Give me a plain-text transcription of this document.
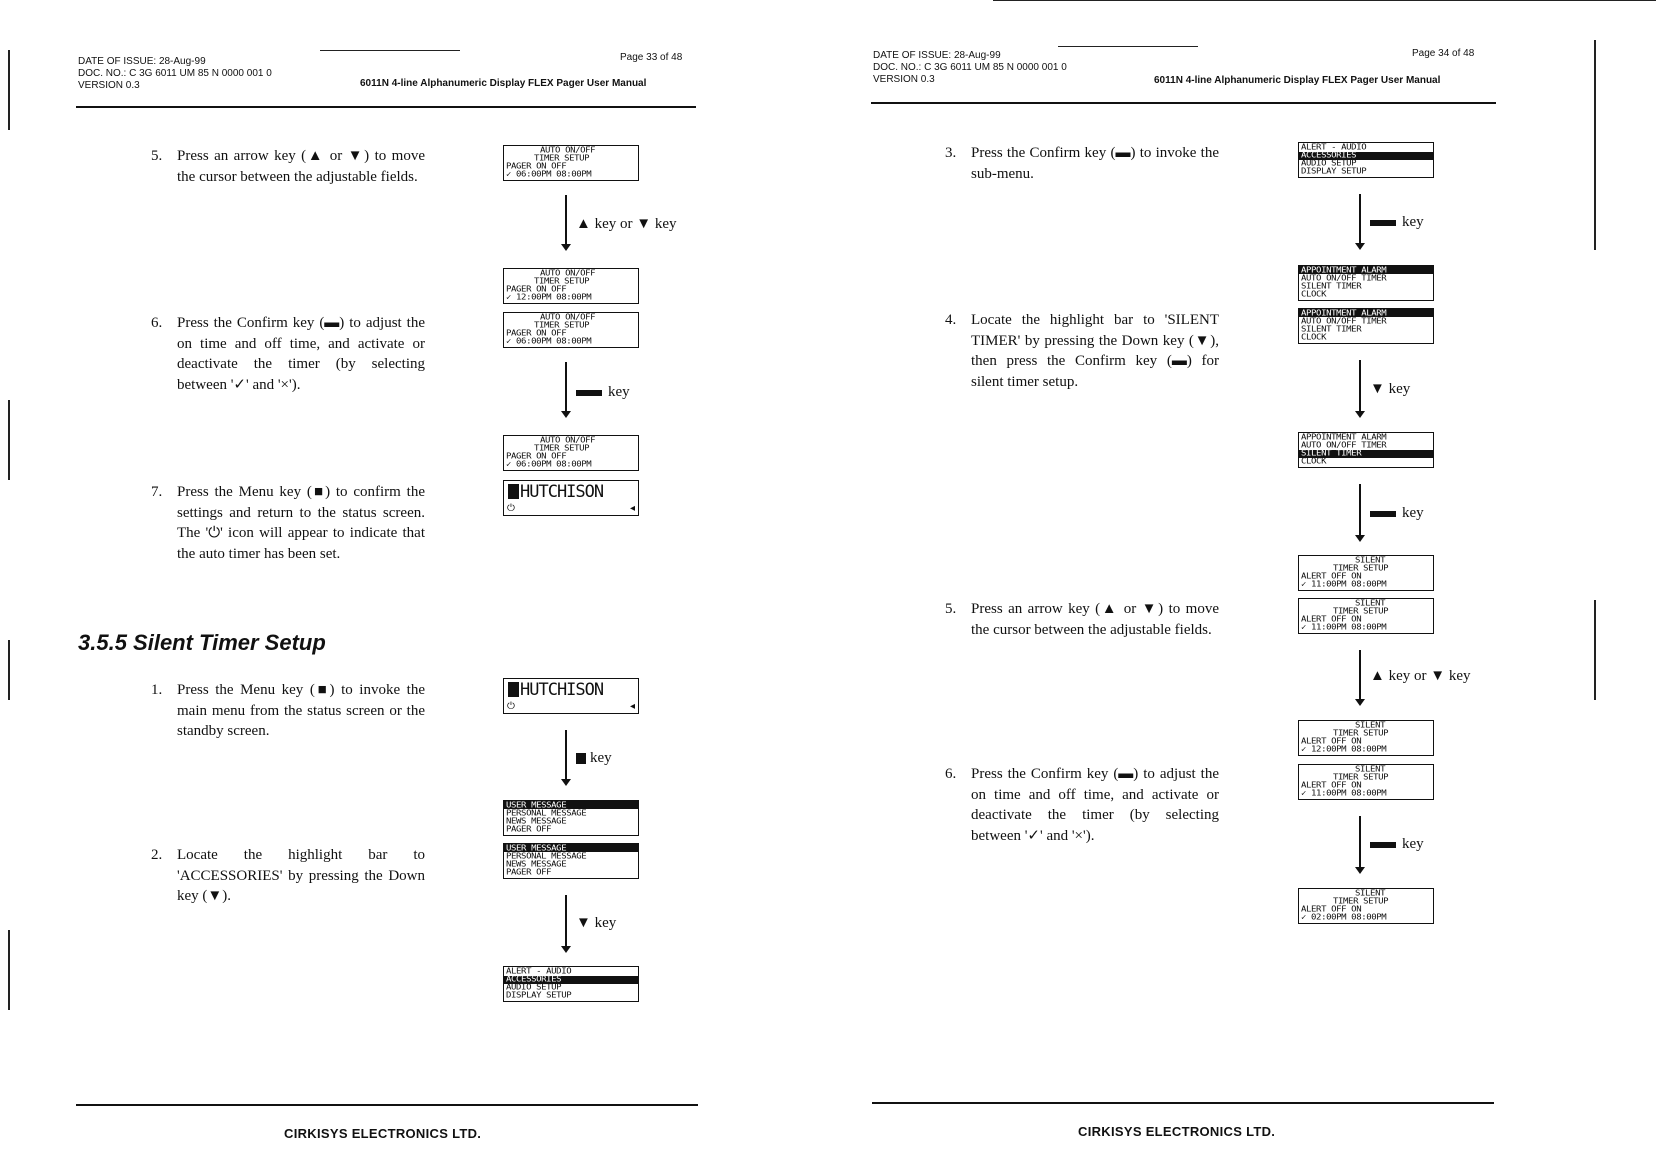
DATE OF ISSUE: 28-Aug-99
DOC. NO.: C 3G 6011 UM 85 N 0000 001 0
VERSION 0.3
Page 33 of 48
6011N 4-line Alphanumeric Display FLEX Pager User Manual
5. Press an arrow key (▲ or ▼) to move the cursor between the adjustable fields.
6. Press the Confirm key (▬) to adjust the on time and off time, and activate or deactivate the timer (by selecting between '✓' and '×').
7. Press the Menu key (■) to confirm the settings and return to the status screen. The '⏻' icon will appear to indicate that the auto timer has been set.
3.5.5 Silent Timer Setup
1. Press the Menu key (■) to invoke the main menu from the status screen or the standby screen.
2. Locate the highlight bar to 'ACCESSORIES' by pressing the Down key (▼).
AUTO ON/OFF
TIMER SETUP
PAGER ON OFF
✓ 06:00PM 08:00PM
▲ key or ▼ key
AUTO ON/OFF
TIMER SETUP
PAGER ON OFF
✓ 12:00PM 08:00PM
AUTO ON/OFF
TIMER SETUP
PAGER ON OFF
✓ 06:00PM 08:00PM
key
AUTO ON/OFF
TIMER SETUP
PAGER ON OFF
✓ 06:00PM 08:00PM
HUTCHISON
⏻	◂
HUTCHISON
⏻	◂
key
USER MESSAGE
PERSONAL MESSAGE
NEWS MESSAGE
PAGER OFF
USER MESSAGE
PERSONAL MESSAGE
NEWS MESSAGE
PAGER OFF
▼ key
ALERT - AUDIO
ACCESSORIES
AUDIO SETUP
DISPLAY SETUP
CIRKISYS ELECTRONICS LTD.
DATE OF ISSUE: 28-Aug-99
DOC. NO.: C 3G 6011 UM 85 N 0000 001 0
VERSION 0.3
Page 34 of 48
6011N 4-line Alphanumeric Display FLEX Pager User Manual
3. Press the Confirm key (▬) to invoke the sub-menu.
4. Locate the highlight bar to 'SILENT TIMER' by pressing the Down key (▼), then press the Confirm key (▬) for silent timer setup.
5. Press an arrow key (▲ or ▼) to move the cursor between the adjustable fields.
6. Press the Confirm key (▬) to adjust the on time and off time, and activate or deactivate the timer (by selecting between '✓' and '×').
ALERT - AUDIO
ACCESSORIES
AUDIO SETUP
DISPLAY SETUP
key
APPOINTMENT ALARM
AUTO ON/OFF TIMER
SILENT TIMER
CLOCK
APPOINTMENT ALARM
AUTO ON/OFF TIMER
SILENT TIMER
CLOCK
▼ key
APPOINTMENT ALARM
AUTO ON/OFF TIMER
SILENT TIMER
CLOCK
key
SILENT
TIMER SETUP
ALERT OFF ON
✓ 11:00PM 08:00PM
SILENT
TIMER SETUP
ALERT OFF ON
✓ 11:00PM 08:00PM
▲ key or ▼ key
SILENT
TIMER SETUP
ALERT OFF ON
✓ 12:00PM 08:00PM
SILENT
TIMER SETUP
ALERT OFF ON
✓ 11:00PM 08:00PM
key
SILENT
TIMER SETUP
ALERT OFF ON
✓ 02:00PM 08:00PM
CIRKISYS ELECTRONICS LTD.
